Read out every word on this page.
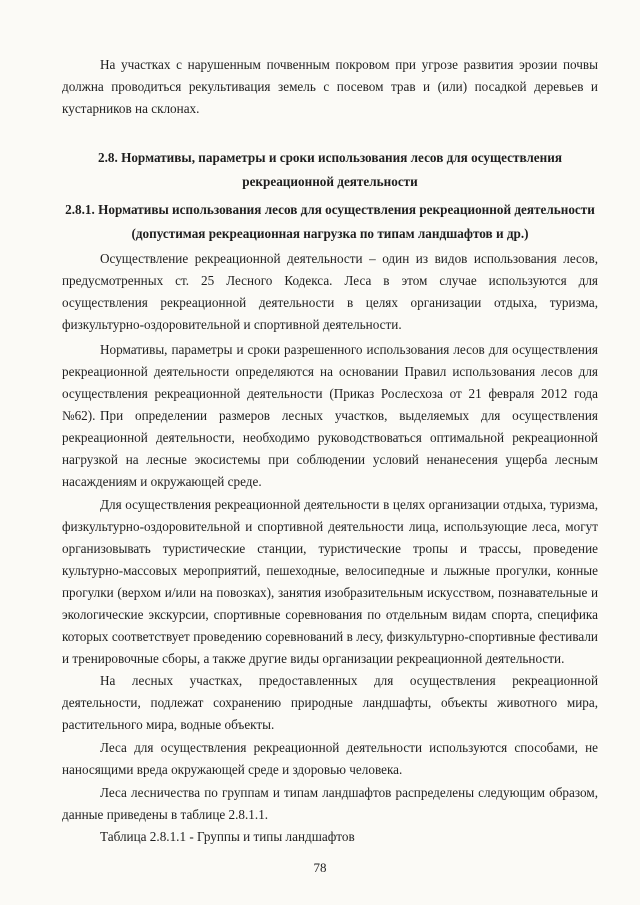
На участках с нарушенным почвенным покровом при угрозе развития эрозии почвы должна проводиться рекультивация земель с посевом трав и (или) посадкой деревьев и кустарников на склонах.

2.8. Нормативы, параметры и сроки использования лесов для осуществления рекреационной деятельности
2.8.1. Нормативы использования лесов для осуществления рекреационной деятельности
(допустимая рекреационная нагрузка по типам ландшафтов и др.)

Осуществление рекреационной деятельности – один из видов использования лесов, предусмотренных ст. 25 Лесного Кодекса. Леса в этом случае используются для осуществления рекреационной деятельности в целях организации отдыха, туризма, физкультурно-оздоровительной и спортивной деятельности.

Нормативы, параметры и сроки разрешенного использования лесов для осуществления рекреационной деятельности определяются на основании Правил использования лесов для осуществления рекреационной деятельности (Приказ Рослесхоза от 21 февраля 2012 года №62). При определении размеров лесных участков, выделяемых для осуществления рекреационной деятельности, необходимо руководствоваться оптимальной рекреационной нагрузкой на лесные экосистемы при соблюдении условий ненанесения ущерба лесным насаждениям и окружающей среде.

Для осуществления рекреационной деятельности в целях организации отдыха, туризма, физкультурно-оздоровительной и спортивной деятельности лица, использующие леса, могут организовывать туристические станции, туристические тропы и трассы, проведение культурно-массовых мероприятий, пешеходные, велосипедные и лыжные прогулки, конные прогулки (верхом и/или на повозках), занятия изобразительным искусством, познавательные и экологические экскурсии, спортивные соревнования по отдельным видам спорта, специфика которых соответствует проведению соревнований в лесу, физкультурно-спортивные фестивали и тренировочные сборы, а также другие виды организации рекреационной деятельности.

На лесных участках, предоставленных для осуществления рекреационной деятельности, подлежат сохранению природные ландшафты, объекты животного мира, растительного мира, водные объекты.

Леса для осуществления рекреационной деятельности используются способами, не наносящими вреда окружающей среде и здоровью человека.

Леса лесничества по группам и типам ландшафтов распределены следующим образом, данные приведены в таблице 2.8.1.1.

Таблица 2.8.1.1 - Группы и типы ландшафтов
78
